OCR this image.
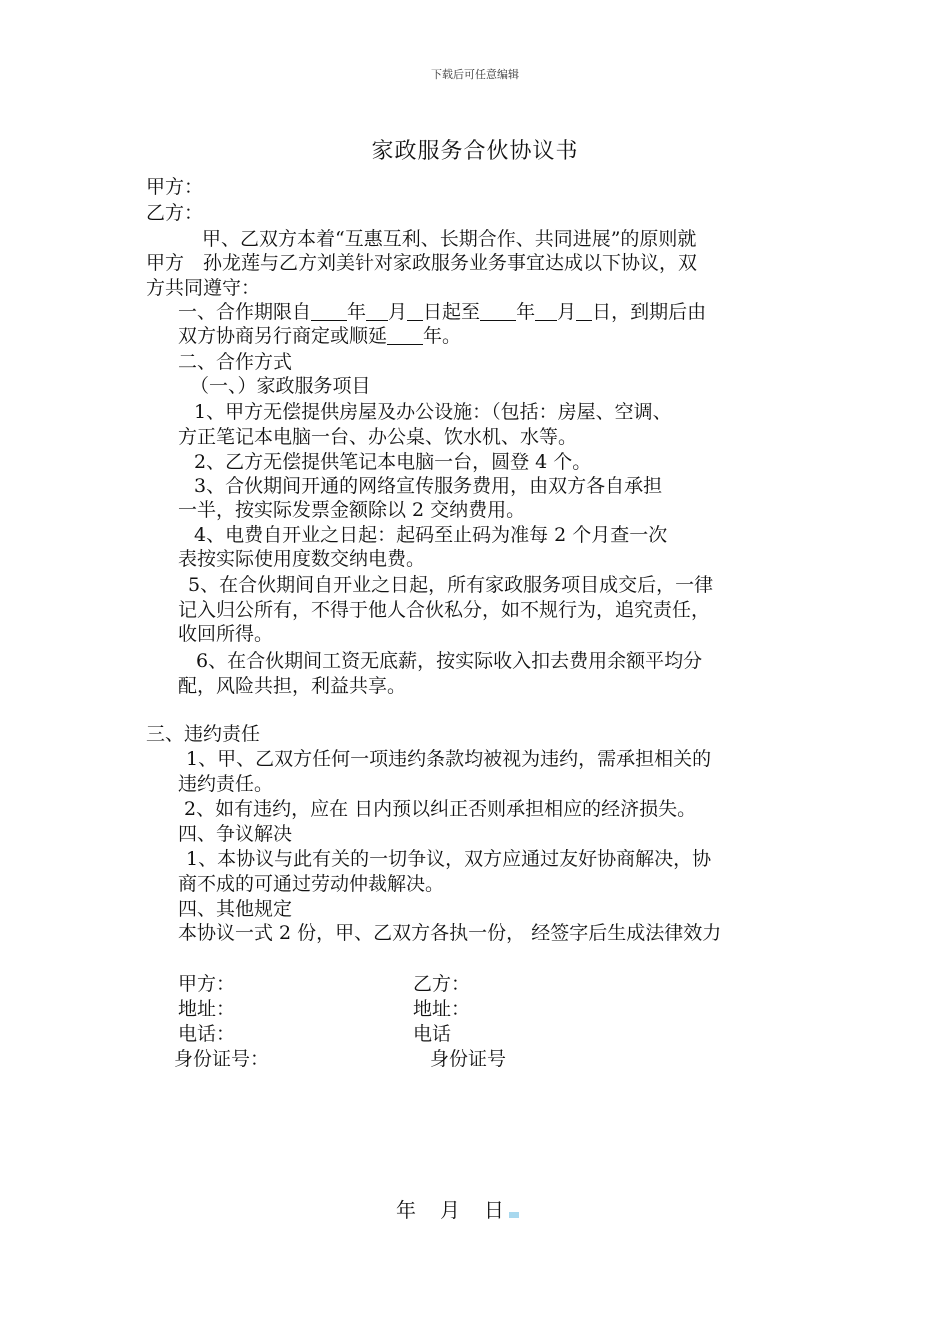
下载后可任意编辑
家政服务合伙协议书
甲方：
乙方：
甲、乙双方本着“互惠互利、长期合作、共同进展”的原则就
甲方　孙龙莲与乙方刘美针对家政服务业务事宜达成以下协议，双
方共同遵守：
一、合作期限自 年 月 日起至 年 月 日，到期后由
双方协商另行商定或顺延 年。
二、合作方式
（一、）家政服务项目
1、甲方无偿提供房屋及办公设施：（包括：房屋、空调、
方正笔记本电脑一台、办公桌、饮水机、水等。
2、乙方无偿提供笔记本电脑一台，圆登 4 个。
3、合伙期间开通的网络宣传服务费用，由双方各自承担
一半，按实际发票金额除以 2 交纳费用。
4、电费自开业之日起：起码至止码为准每 2 个月查一次
表按实际使用度数交纳电费。
5、在合伙期间自开业之日起，所有家政服务项目成交后，一律
记入归公所有，不得于他人合伙私分，如不规行为，追究责任，
收回所得。
6、在合伙期间工资无底薪，按实际收入扣去费用余额平均分
配，风险共担，利益共享。
三、违约责任
1、甲、乙双方任何一项违约条款均被视为违约，需承担相关的
违约责任。
2、如有违约，应在 日内预以纠正否则承担相应的经济损失。
四、争议解决
1、本协议与此有关的一切争议，双方应通过友好协商解决，协
商不成的可通过劳动仲裁解决。
四、其他规定
本协议一式 2 份，甲、乙双方各执一份， 经签字后生成法律效力
甲方：
地址：
电话：
身份证号：
乙方：
地址：
电话
身份证号
年　月　日
